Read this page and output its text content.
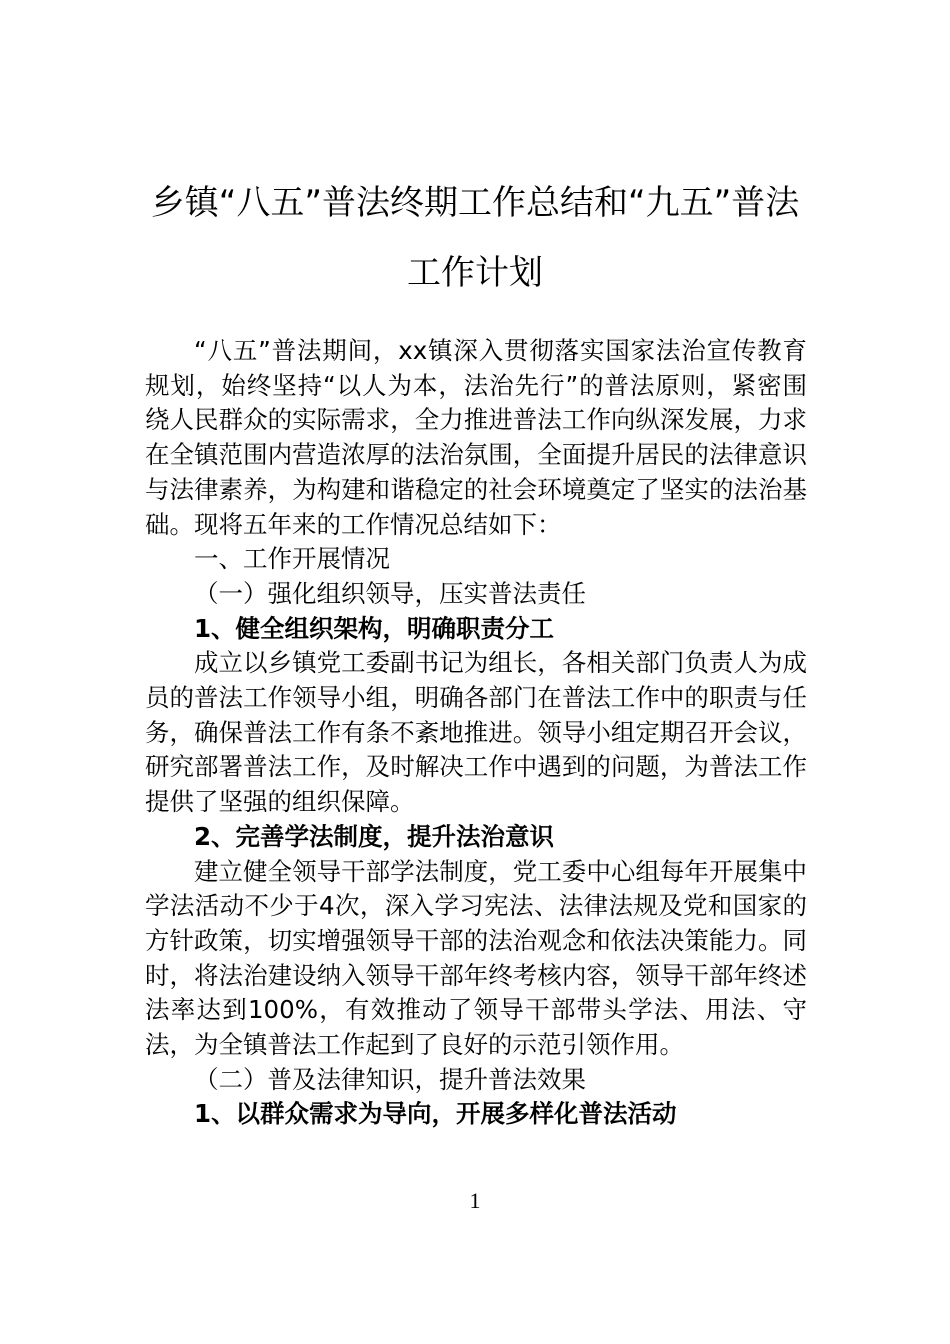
乡镇“八五”普法终期工作总结和“九五”普法工作计划

“八五”普法期间，xx镇深入贯彻落实国家法治宣传教育规划，始终坚持“以人为本，法治先行”的普法原则，紧密围绕人民群众的实际需求，全力推进普法工作向纵深发展，力求在全镇范围内营造浓厚的法治氛围，全面提升居民的法律意识与法律素养，为构建和谐稳定的社会环境奠定了坚实的法治基础。现将五年来的工作情况总结如下：

一、工作开展情况

（一）强化组织领导，压实普法责任

1、健全组织架构，明确职责分工

成立以乡镇党工委副书记为组长，各相关部门负责人为成员的普法工作领导小组，明确各部门在普法工作中的职责与任务，确保普法工作有条不紊地推进。领导小组定期召开会议，研究部署普法工作，及时解决工作中遇到的问题，为普法工作提供了坚强的组织保障。

2、完善学法制度，提升法治意识

建立健全领导干部学法制度，党工委中心组每年开展集中学法活动不少于4次，深入学习宪法、法律法规及党和国家的方针政策，切实增强领导干部的法治观念和依法决策能力。同时，将法治建设纳入领导干部年终考核内容，领导干部年终述法率达到100%，有效推动了领导干部带头学法、用法、守法，为全镇普法工作起到了良好的示范引领作用。

（二）普及法律知识，提升普法效果

1、以群众需求为导向，开展多样化普法活动

1
